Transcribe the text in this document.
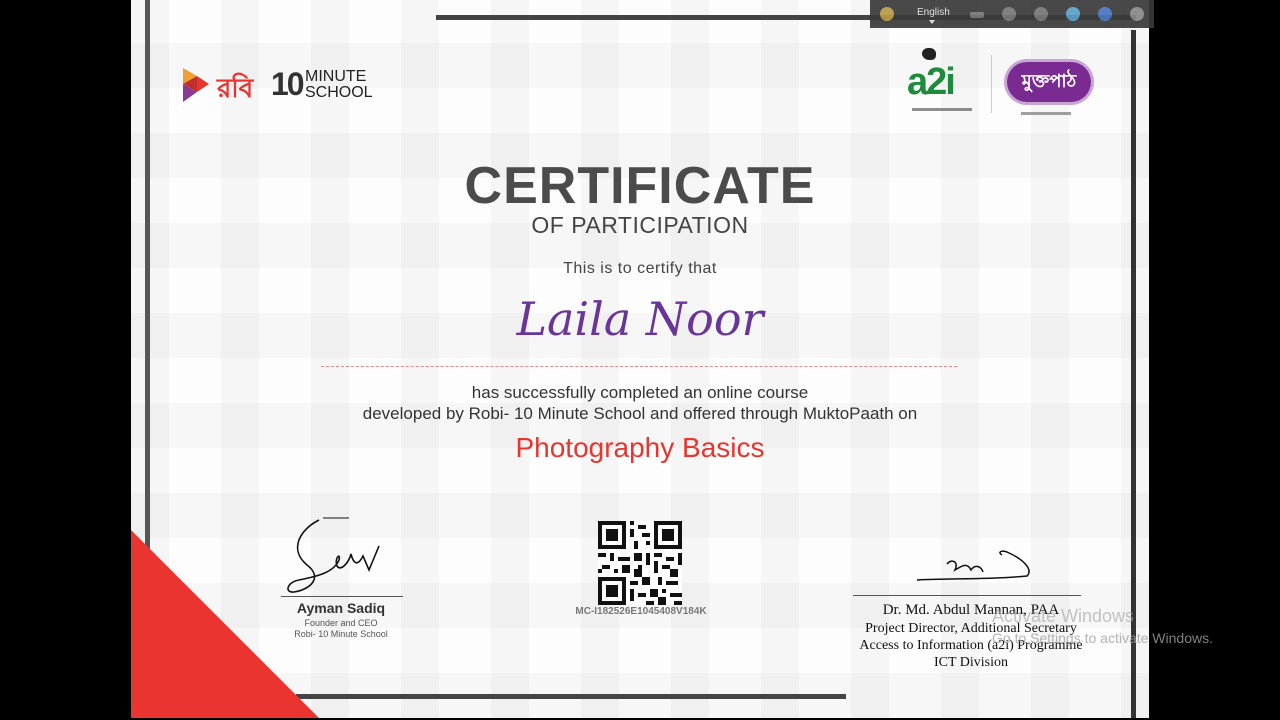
রবি 10 MINUTE
SCHOOL	a2i	মুক্তপাঠ
CERTIFICATE
OF PARTICIPATION
This is to certify that
Laila Noor
has successfully completed an online course
developed by Robi- 10 Minute School and offered through MuktoPaath on
Photography Basics
Ayman Sadiq
Founder and CEO
Robi- 10 Minute School
MC-I182526E1045408V184K	Dr. Md. Abdul Mannan, PAA
Project Director, Additional Secretary
Access to Information (a2i) Programme
ICT Division
English
Activate Windows
Go to Settings to activate Windows.
